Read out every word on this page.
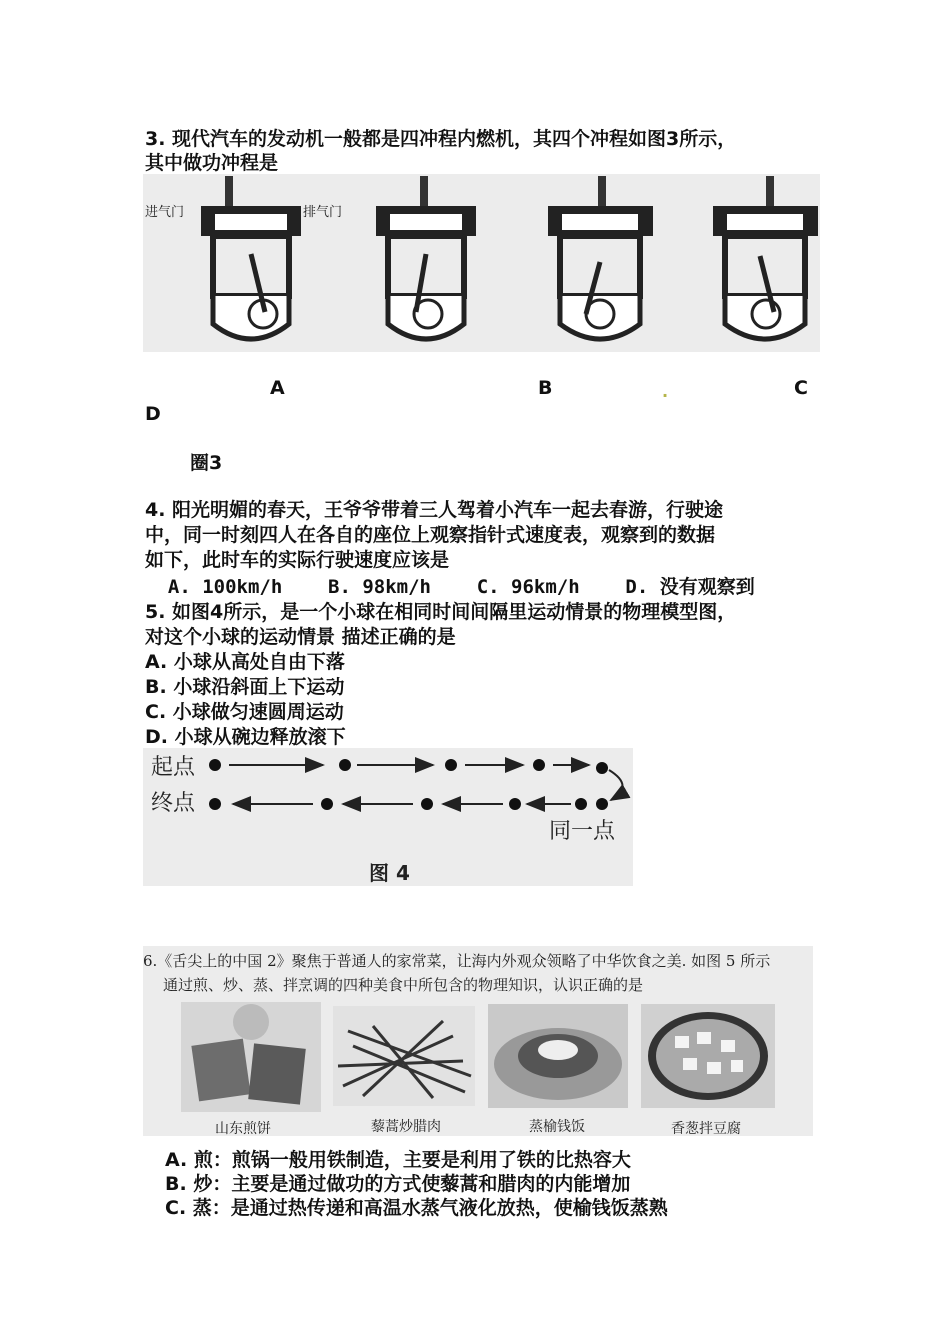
3. 现代汽车的发动机一般都是四冲程内燃机，其四个冲程如图3所示，
其中做功冲程是
进气门	排气门
A	B	.	C
D
圈3
4. 阳光明媚的春天，王爷爷带着三人驾着小汽车一起去春游，行驶途
中，同一时刻四人在各自的座位上观察指针式速度表，观察到的数据
如下，此时车的实际行驶速度应该是
A. 100km/h    B. 98km/h    C. 96km/h    D. 没有观察到
5. 如图4所示，是一个小球在相同时间间隔里运动情景的物理模型图，
对这个小球的运动情景 描述正确的是
A. 小球从高处自由下落
B. 小球沿斜面上下运动
C. 小球做匀速圆周运动
D. 小球从碗边释放滚下
起点
终点
同一点
图 4
6.《舌尖上的中国 2》聚焦于普通人的家常菜，让海内外观众领略了中华饮食之美. 如图 5 所示
通过煎、炒、蒸、拌烹调的四种美食中所包含的物理知识，认识正确的是
山东煎饼	藜蒿炒腊肉	蒸榆钱饭	香葱拌豆腐
A. 煎：煎锅一般用铁制造，主要是利用了铁的比热容大
B. 炒：主要是通过做功的方式使藜蒿和腊肉的内能增加
C. 蒸：是通过热传递和高温水蒸气液化放热，使榆钱饭蒸熟
